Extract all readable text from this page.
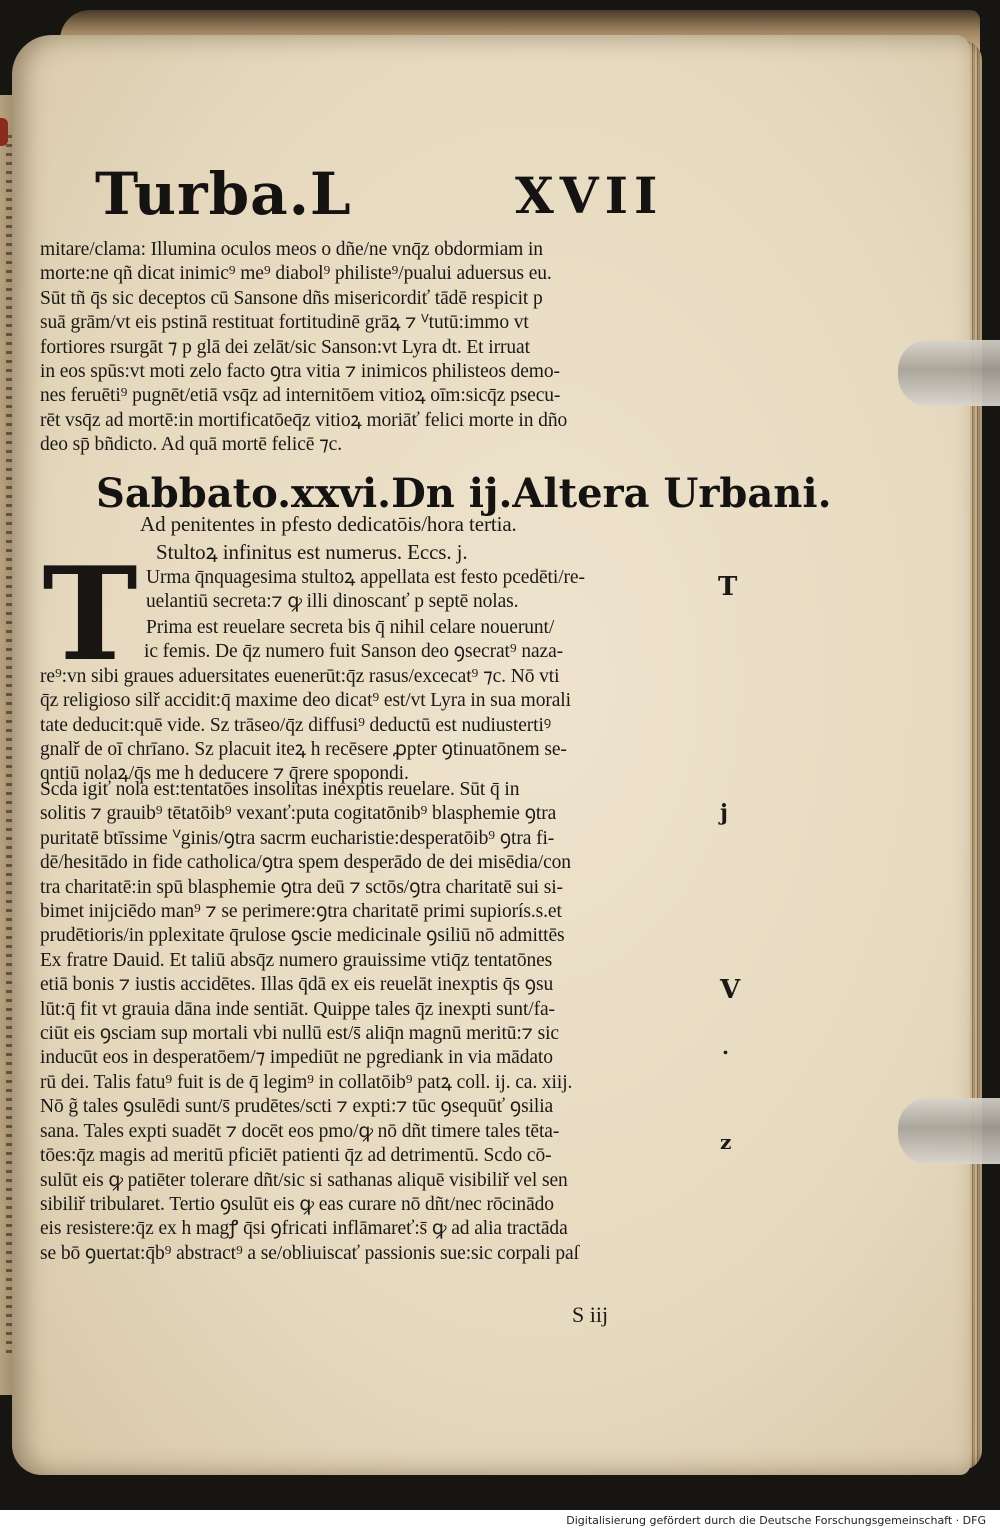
Turba.L	XVII
mitare/clama: Illumina oculos meos o dñe/ne vnq̄z obdormiam in
morte:ne qñ dicat inimic⁹ me⁹ diabol⁹ philiste⁹/pualui aduersus eu.
Sūt tñ q̄s sic deceptos cū Sansone dñs misericordiť tādē respicit p
suā grām/vt eis pstinā restituat fortitudinē grāꝝ ⁊ ⱽtutū:immo vt
fortiores rsurgāt ⁊ p glā dei zelāt/sic Sanson:vt Lyra dt. Et irruat
in eos spūs:vt moti zelo facto ꝯtra vitia ⁊ inimicos philisteos demo-
nes feruēti⁹ pugnēt/etiā vsq̄z ad internitōem vitioꝝ oīm:sicq̄z psecu-
rēt vsq̄z ad mortē:in mortificatōeq̄z vitioꝝ moriāť felici morte in dño
deo sp̄ bñdicto. Ad quā mortē felicē ⁊c.
Sabbato.xxvi.Dn ij.Altera Urbani.
Ad penitentes in pfesto dedicatōis/hora tertia.
Stultoꝝ infinitus est numerus. Eccs. j.
T Urma q̄nquagesima stultoꝝ appellata est festo pcedēti/re-
uelantiū secreta:⁊ ꝙ illi dinoscanť p septē nolas.
Prima est reuelare secreta bis q̄ nihil celare nouerunt/
ic femis. De q̄z numero fuit Sanson deo ꝯsecrat⁹ naza-
re⁹:vn sibi graues aduersitates euenerūt:q̄z rasus/excecat⁹ ⁊c. Nō vti
q̄z religioso silř accidit:q̄ maxime deo dicat⁹ est/vt Lyra in sua morali
tate deducit:quē vide. Sz trāseo/q̄z diffusi⁹ deductū est nudiustertiꝰ
gnalř de oī chrīano. Sz placuit iteꝝ h recēsere ꝓpter ꝯtinuatōnem se-
qntiū nolaꝝ/q̄s me h deducere ⁊ q̄rere spopondi.
Scda igiť nola est:tentatōes insolitas inexptis reuelare. Sūt q̄ in
solitis ⁊ grauib⁹ tētatōib⁹ vexanť:puta cogitatōnib⁹ blasphemie ꝯtra
puritatē btīssime ⱽginis/ꝯtra sacrm eucharistie:desperatōib⁹ ꝯtra fi-
dē/hesitādo in fide catholica/ꝯtra spem desperādo de dei misēdia/con
tra charitatē:in spū blasphemie ꝯtra deū ⁊ sctōs/ꝯtra charitatē sui si-
bimet inijciēdo man⁹ ⁊ se perimere:ꝯtra charitatē primi supiorís.s.et
prudētioris/in pplexitate q̄rulose ꝯscie medicinale ꝯsiliū nō admittēs
Ex fratre Dauid. Et taliū absq̄z numero grauissime vtiq̄z tentatōnes
etiā bonis ⁊ iustis accidētes. Illas q̄dā ex eis reuelāt inexptis q̄s ꝯsu
lūt:q̄ fit vt grauia dāna inde sentiāt. Quippe tales q̄z inexpti sunt/fa-
ciūt eis ꝯsciam sup mortali vbi nullū est/s̄ aliq̄n magnū meritū:⁊ sic
inducūt eos in desperatōem/⁊ impediūt ne pgrediank in via mādato
rū dei. Talis fatu⁹ fuit is de q̄ legim⁹ in collatōib⁹ patꝝ coll. ij. ca. xiij.
Nō g̃ tales ꝯsulēdi sunt/s̄ prudētes/scti ⁊ expti:⁊ tūc ꝯsequūť ꝯsilia
sana. Tales expti suadēt ⁊ docēt eos pmo/ꝙ nō dñt timere tales tēta-
tōes:q̄z magis ad meritū pficiēt patienti q̄z ad detrimentū. Scdo cō-
sulūt eis ꝙ patiēter tolerare dñt/sic si sathanas aliquē visibiliř vel sen
sibiliř tribularet. Tertio ꝯsulūt eis ꝙ eas curare nō dñt/nec rōcinādo
eis resistere:q̄z ex h magꝭ q̄si ꝯfricati inflāmareť:s̄ ꝙ ad alia tractāda
se bō ꝯuertat:q̄b⁹ abstract⁹ a se/obliuiscať passionis sue:sic corpali paſ
S iij
T
j
V
.
z
Digitalisierung gefördert durch die Deutsche Forschungsgemeinschaft · DFG
